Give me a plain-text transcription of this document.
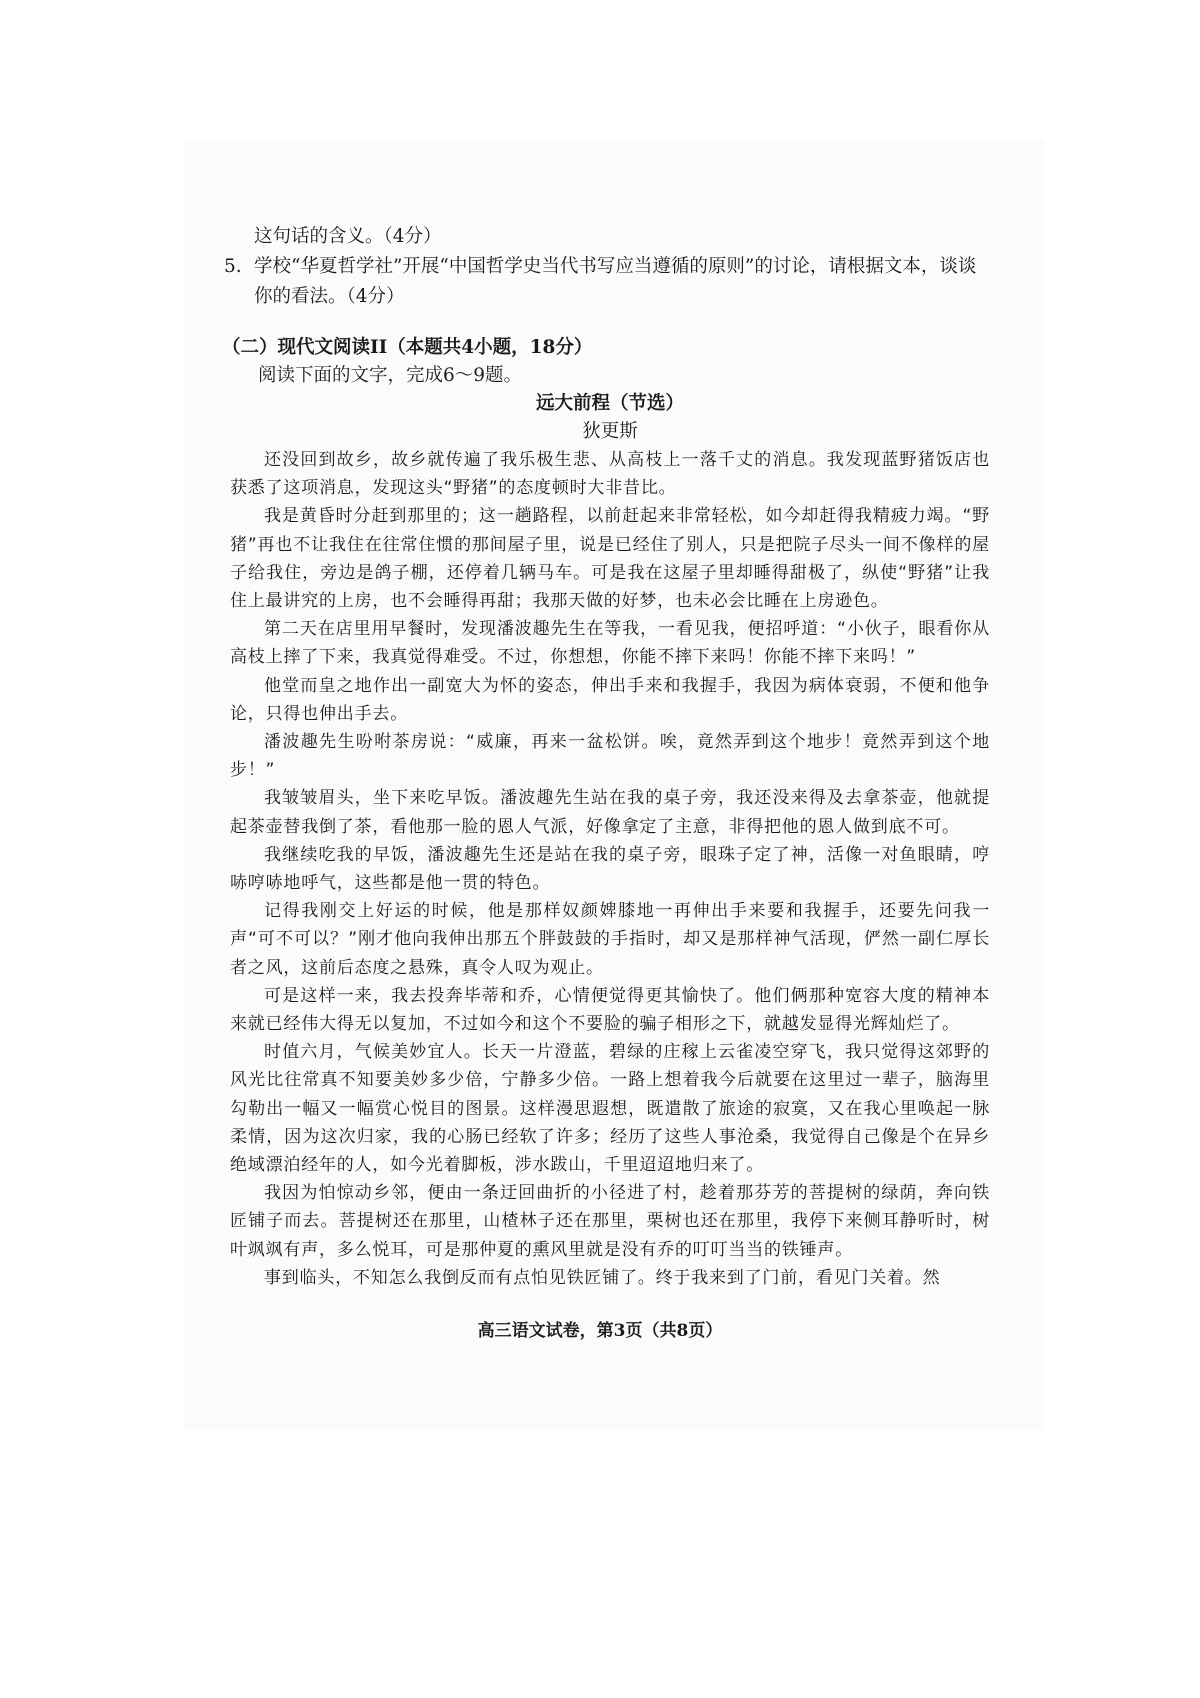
这句话的含义。（4分）
5. 学校“华夏哲学社”开展“中国哲学史当代书写应当遵循的原则”的讨论，请根据文本，谈谈你的看法。（4分）
（二）现代文阅读II（本题共4小题，18分）
阅读下面的文字，完成6～9题。
远大前程（节选）
狄更斯

还没回到故乡，故乡就传遍了我乐极生悲、从高枝上一落千丈的消息。我发现蓝野猪饭店也获悉了这项消息，发现这头“野猪”的态度顿时大非昔比。

我是黄昏时分赶到那里的；这一趟路程，以前赶起来非常轻松，如今却赶得我精疲力竭。“野猪”再也不让我住在往常住惯的那间屋子里，说是已经住了别人，只是把院子尽头一间不像样的屋子给我住，旁边是鸽子棚，还停着几辆马车。可是我在这屋子里却睡得甜极了，纵使“野猪”让我住上最讲究的上房，也不会睡得再甜；我那天做的好梦，也未必会比睡在上房逊色。

第二天在店里用早餐时，发现潘波趣先生在等我，一看见我，便招呼道：“小伙子，眼看你从高枝上摔了下来，我真觉得难受。不过，你想想，你能不摔下来吗！你能不摔下来吗！”

他堂而皇之地作出一副宽大为怀的姿态，伸出手来和我握手，我因为病体衰弱，不便和他争论，只得也伸出手去。

潘波趣先生吩咐茶房说：“威廉，再来一盆松饼。唉，竟然弄到这个地步！竟然弄到这个地步！”

我皱皱眉头，坐下来吃早饭。潘波趣先生站在我的桌子旁，我还没来得及去拿茶壶，他就提起茶壶替我倒了茶，看他那一脸的恩人气派，好像拿定了主意，非得把他的恩人做到底不可。

我继续吃我的早饭，潘波趣先生还是站在我的桌子旁，眼珠子定了神，活像一对鱼眼睛，哼哧哼哧地呼气，这些都是他一贯的特色。

记得我刚交上好运的时候，他是那样奴颜婢膝地一再伸出手来要和我握手，还要先问我一声“可不可以？”刚才他向我伸出那五个胖鼓鼓的手指时，却又是那样神气活现，俨然一副仁厚长者之风，这前后态度之悬殊，真令人叹为观止。

可是这样一来，我去投奔毕蒂和乔，心情便觉得更其愉快了。他们俩那种宽容大度的精神本来就已经伟大得无以复加，不过如今和这个不要脸的骗子相形之下，就越发显得光辉灿烂了。

时值六月，气候美妙宜人。长天一片澄蓝，碧绿的庄稼上云雀凌空穿飞，我只觉得这郊野的风光比往常真不知要美妙多少倍，宁静多少倍。一路上想着我今后就要在这里过一辈子，脑海里勾勒出一幅又一幅赏心悦目的图景。这样漫思遐想，既遣散了旅途的寂寞，又在我心里唤起一脉柔情，因为这次归家，我的心肠已经软了许多；经历了这些人事沧桑，我觉得自己像是个在异乡绝域漂泊经年的人，如今光着脚板，涉水跋山，千里迢迢地归来了。

我因为怕惊动乡邻，便由一条迂回曲折的小径进了村，趁着那芬芳的菩提树的绿荫，奔向铁匠铺子而去。菩提树还在那里，山楂林子还在那里，栗树也还在那里，我停下来侧耳静听时，树叶飒飒有声，多么悦耳，可是那仲夏的熏风里就是没有乔的叮叮当当的铁锤声。

事到临头，不知怎么我倒反而有点怕见铁匠铺了。终于我来到了门前，看见门关着。然

高三语文试卷，第3页（共8页）
